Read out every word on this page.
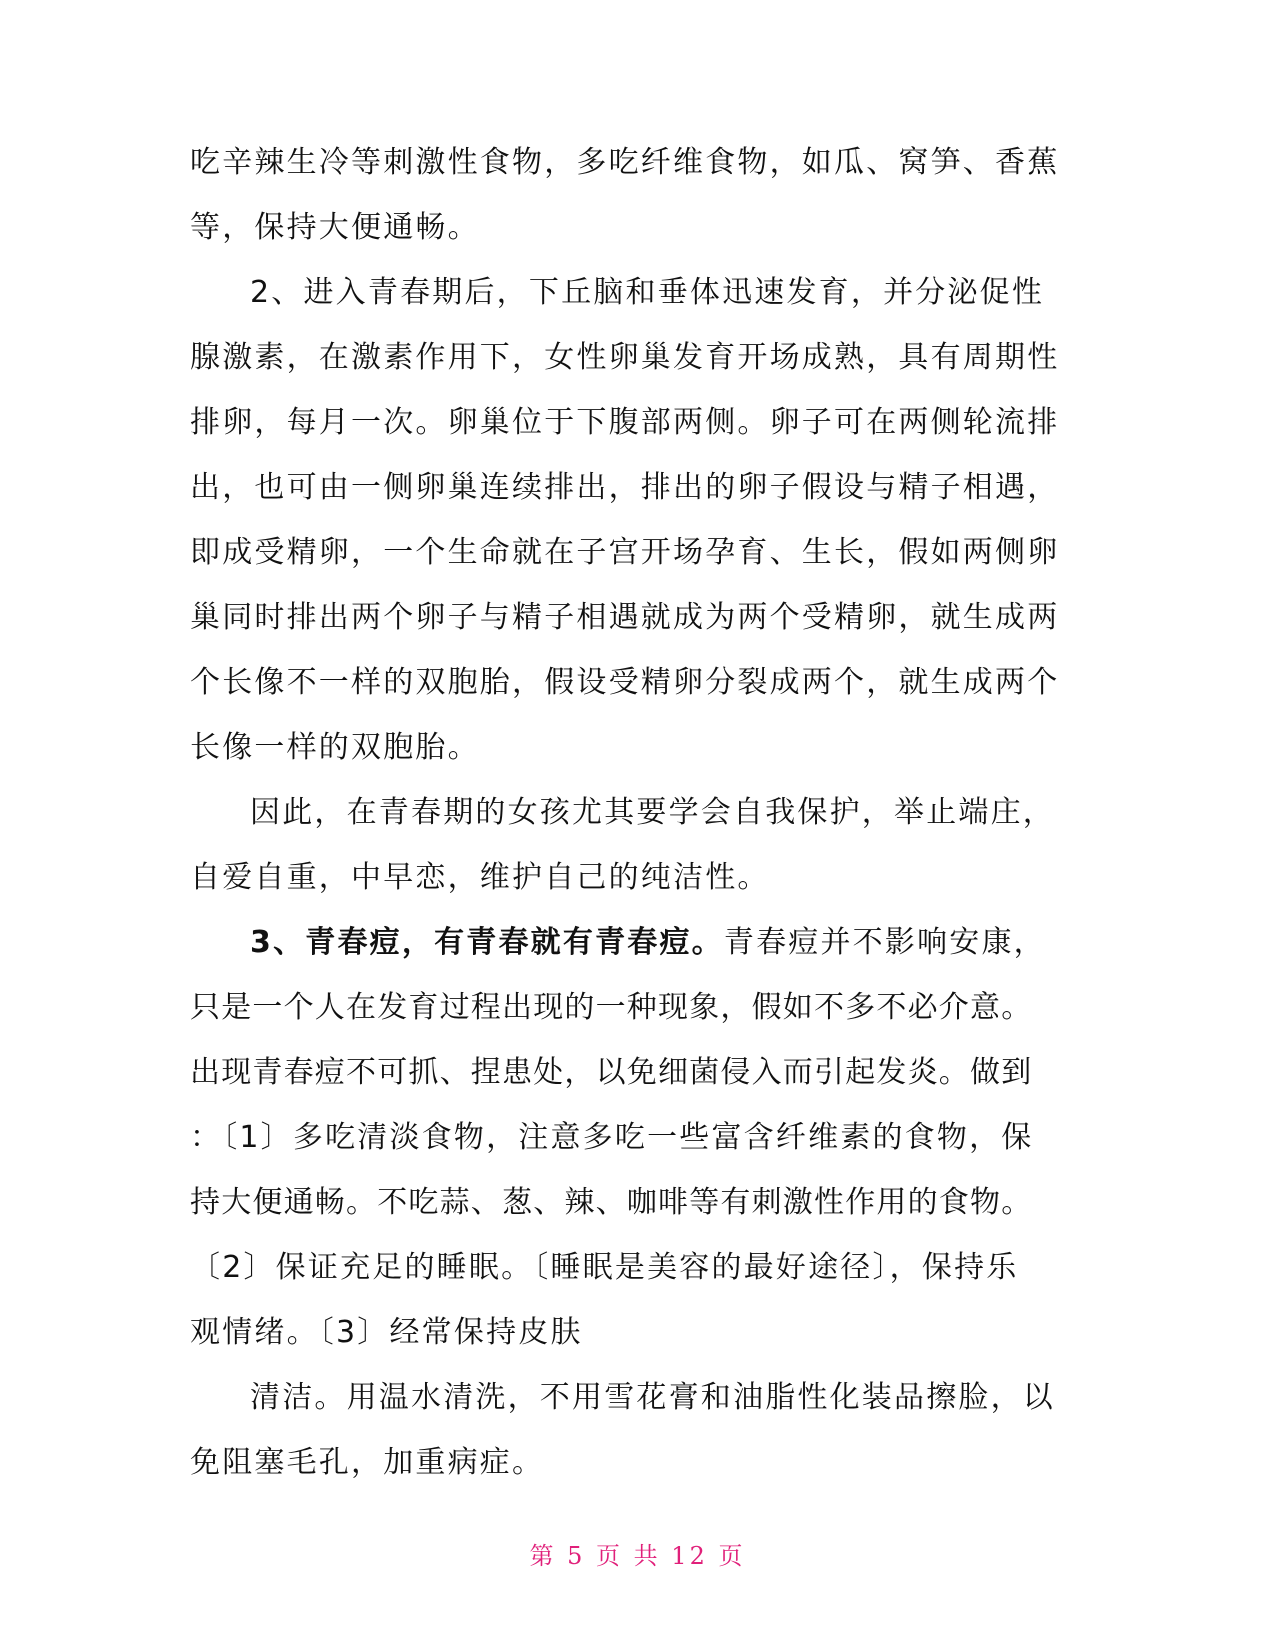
吃辛辣生冷等刺激性食物，多吃纤维食物，如瓜、窝笋、香蕉
等，保持大便通畅。
2、进入青春期后，下丘脑和垂体迅速发育，并分泌促性
腺激素，在激素作用下，女性卵巢发育开场成熟，具有周期性
排卵，每月一次。卵巢位于下腹部两侧。卵子可在两侧轮流排
出，也可由一侧卵巢连续排出，排出的卵子假设与精子相遇，
即成受精卵，一个生命就在子宫开场孕育、生长，假如两侧卵
巢同时排出两个卵子与精子相遇就成为两个受精卵，就生成两
个长像不一样的双胞胎，假设受精卵分裂成两个，就生成两个
长像一样的双胞胎。
因此，在青春期的女孩尤其要学会自我保护，举止端庄，
自爱自重，中早恋，维护自己的纯洁性。
3、青春痘，有青春就有青春痘。青春痘并不影响安康，
只是一个人在发育过程出现的一种现象，假如不多不必介意。
出现青春痘不可抓、捏患处，以免细菌侵入而引起发炎。做到
：〔1〕多吃清淡食物，注意多吃一些富含纤维素的食物，保
持大便通畅。不吃蒜、葱、辣、咖啡等有刺激性作用的食物。
〔2〕保证充足的睡眠。〔睡眠是美容的最好途径〕，保持乐
观情绪。〔3〕经常保持皮肤
清洁。用温水清洗，不用雪花膏和油脂性化装品擦脸，以
免阻塞毛孔，加重病症。
第 5 页 共 12 页
